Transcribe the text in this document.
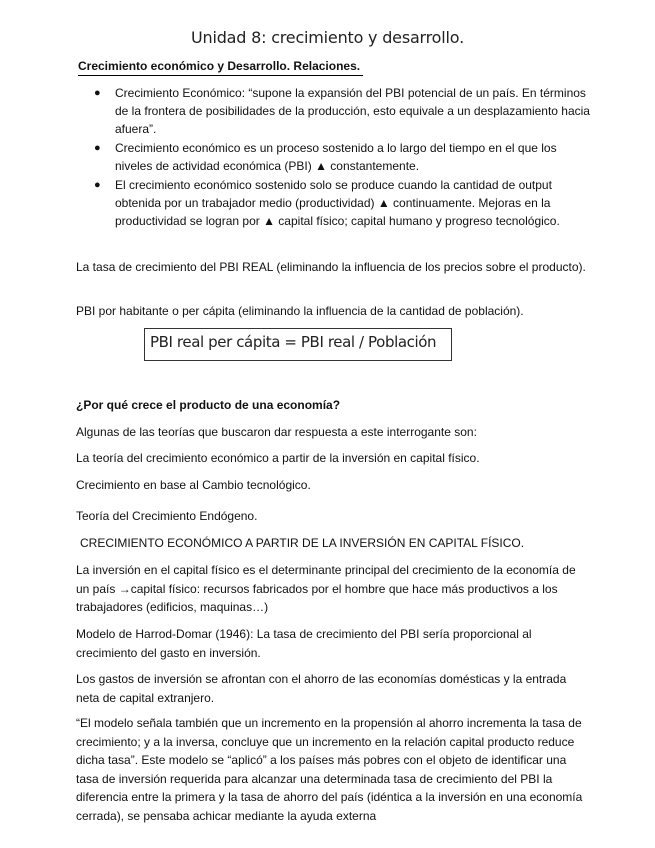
Unidad 8: crecimiento y desarrollo.
Crecimiento económico y Desarrollo. Relaciones.
● Crecimiento Económico: “supone la expansión del PBI potencial de un país. En términos de la frontera de posibilidades de la producción, esto equivale a un desplazamiento hacia afuera”.
● Crecimiento económico es un proceso sostenido a lo largo del tiempo en el que los niveles de actividad económica (PBI) ▲ constantemente.
● El crecimiento económico sostenido solo se produce cuando la cantidad de output obtenida por un trabajador medio (productividad) ▲ continuamente. Mejoras en la productividad se logran por ▲ capital físico; capital humano y progreso tecnológico.
La tasa de crecimiento del PBI REAL (eliminando la influencia de los precios sobre el producto).
PBI por habitante o per cápita (eliminando la influencia de la cantidad de población).
PBI real per cápita = PBI real / Población
¿Por qué crece el producto de una economía?
Algunas de las teorías que buscaron dar respuesta a este interrogante son:
La teoría del crecimiento económico a partir de la inversión en capital físico.
Crecimiento en base al Cambio tecnológico.
Teoría del Crecimiento Endógeno.
CRECIMIENTO ECONÓMICO A PARTIR DE LA INVERSIÓN EN CAPITAL FÍSICO.
La inversión en el capital físico es el determinante principal del crecimiento de la economía de un país →capital físico: recursos fabricados por el hombre que hace más productivos a los trabajadores (edificios, maquinas…)
Modelo de Harrod-Domar (1946): La tasa de crecimiento del PBI sería proporcional al crecimiento del gasto en inversión.
Los gastos de inversión se afrontan con el ahorro de las economías domésticas y la entrada neta de capital extranjero.
“El modelo señala también que un incremento en la propensión al ahorro incrementa la tasa de crecimiento; y a la inversa, concluye que un incremento en la relación capital producto reduce dicha tasa”. Este modelo se “aplicó” a los países más pobres con el objeto de identificar una tasa de inversión requerida para alcanzar una determinada tasa de crecimiento del PBI la diferencia entre la primera y la tasa de ahorro del país (idéntica a la inversión en una economía cerrada), se pensaba achicar mediante la ayuda externa
